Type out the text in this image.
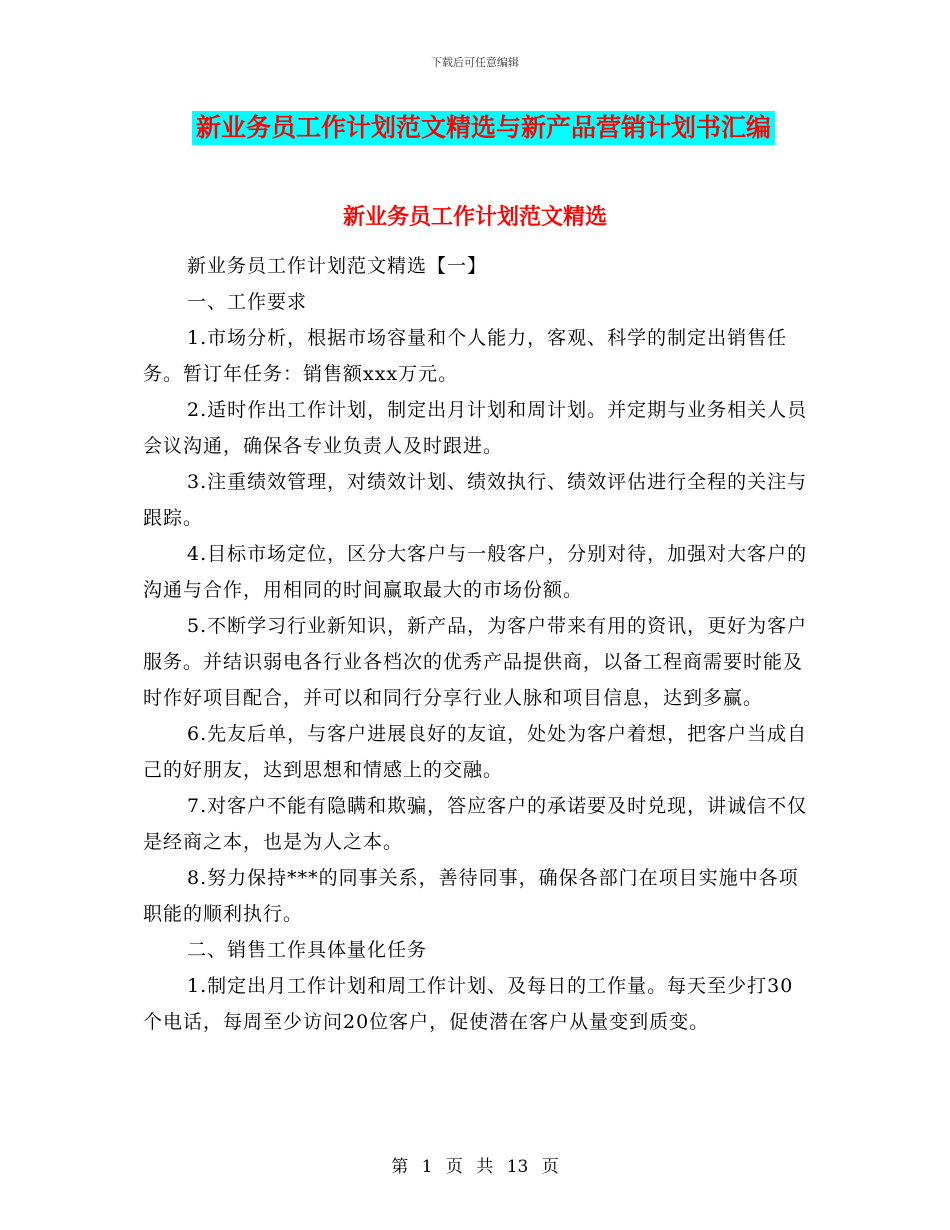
下载后可任意编辑
新业务员工作计划范文精选与新产品营销计划书汇编
新业务员工作计划范文精选

新业务员工作计划范文精选【一】

一、工作要求

1.市场分析，根据市场容量和个人能力，客观、科学的制定出销售任务。暂订年任务：销售额xxx万元。

2.适时作出工作计划，制定出月计划和周计划。并定期与业务相关人员会议沟通，确保各专业负责人及时跟进。

3.注重绩效管理，对绩效计划、绩效执行、绩效评估进行全程的关注与跟踪。

4.目标市场定位，区分大客户与一般客户，分别对待，加强对大客户的沟通与合作，用相同的时间赢取最大的市场份额。

5.不断学习行业新知识，新产品，为客户带来有用的资讯，更好为客户服务。并结识弱电各行业各档次的优秀产品提供商，以备工程商需要时能及时作好项目配合，并可以和同行分享行业人脉和项目信息，达到多赢。

6.先友后单，与客户进展良好的友谊，处处为客户着想，把客户当成自己的好朋友，达到思想和情感上的交融。

7.对客户不能有隐瞒和欺骗，答应客户的承诺要及时兑现，讲诚信不仅是经商之本，也是为人之本。

8.努力保持***的同事关系，善待同事，确保各部门在项目实施中各项职能的顺利执行。

二、销售工作具体量化任务

1.制定出月工作计划和周工作计划、及每日的工作量。每天至少打30个电话，每周至少访问20位客户，促使潜在客户从量变到质变。

第 1 页 共 13 页
